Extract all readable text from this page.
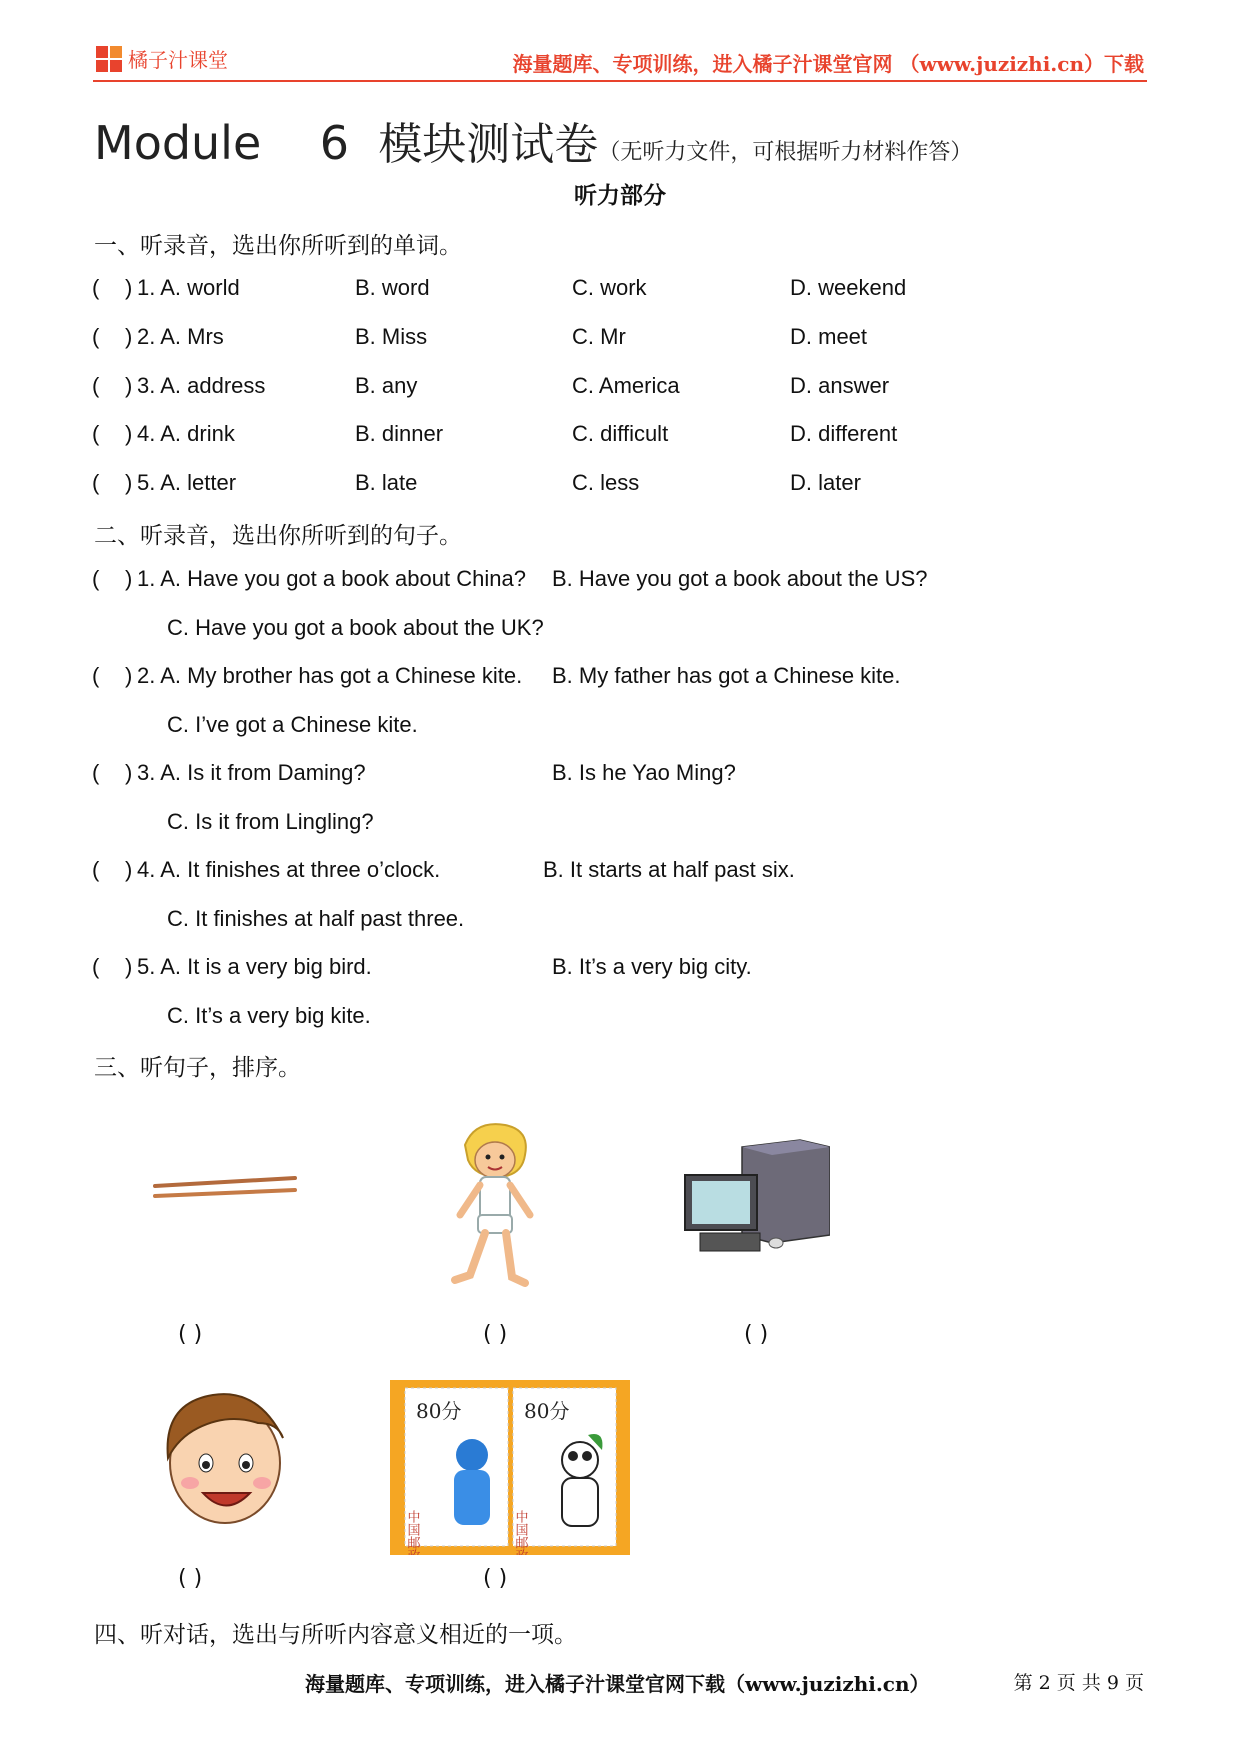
橘子汁课堂	海量题库、专项训练，进入橘子汁课堂官网 （www.juzizhi.cn）下载
Module 6 模块测试卷（无听力文件，可根据听力材料作答）
听力部分
一、听录音，选出你所听到的单词。
( ) 1. A. world	B. word	C. work	D. weekend
( ) 2. A. Mrs	B. Miss	C. Mr	D. meet
( ) 3. A. address	B. any	C. America	D. answer
( ) 4. A. drink	B. dinner	C. difficult	D. different
( ) 5. A. letter	B. late	C. less	D. later
二、听录音，选出你所听到的句子。
( ) 1. A. Have you got a book about China? B. Have you got a book about the US?
C. Have you got a book about the UK?
( ) 2. A. My brother has got a Chinese kite. B. My father has got a Chinese kite.
C. I’ve got a Chinese kite.
( ) 3. A. Is it from Daming?	B. Is he Yao Ming?
C. Is it from Lingling?
( ) 4. A. It finishes at three o’clock.	B. It starts at half past six.
C. It finishes at half past three.
( ) 5. A. It is a very big bird.	B. It’s a very big city.
C. It’s a very big kite.
三、听句子，排序。
( )	( )	( )
80分	80分
中国邮政	中国邮政
( )	( )
四、听对话，选出与所听内容意义相近的一项。
海量题库、专项训练，进入橘子汁课堂官网下载（www.juzizhi.cn）	第 2 页 共 9 页
